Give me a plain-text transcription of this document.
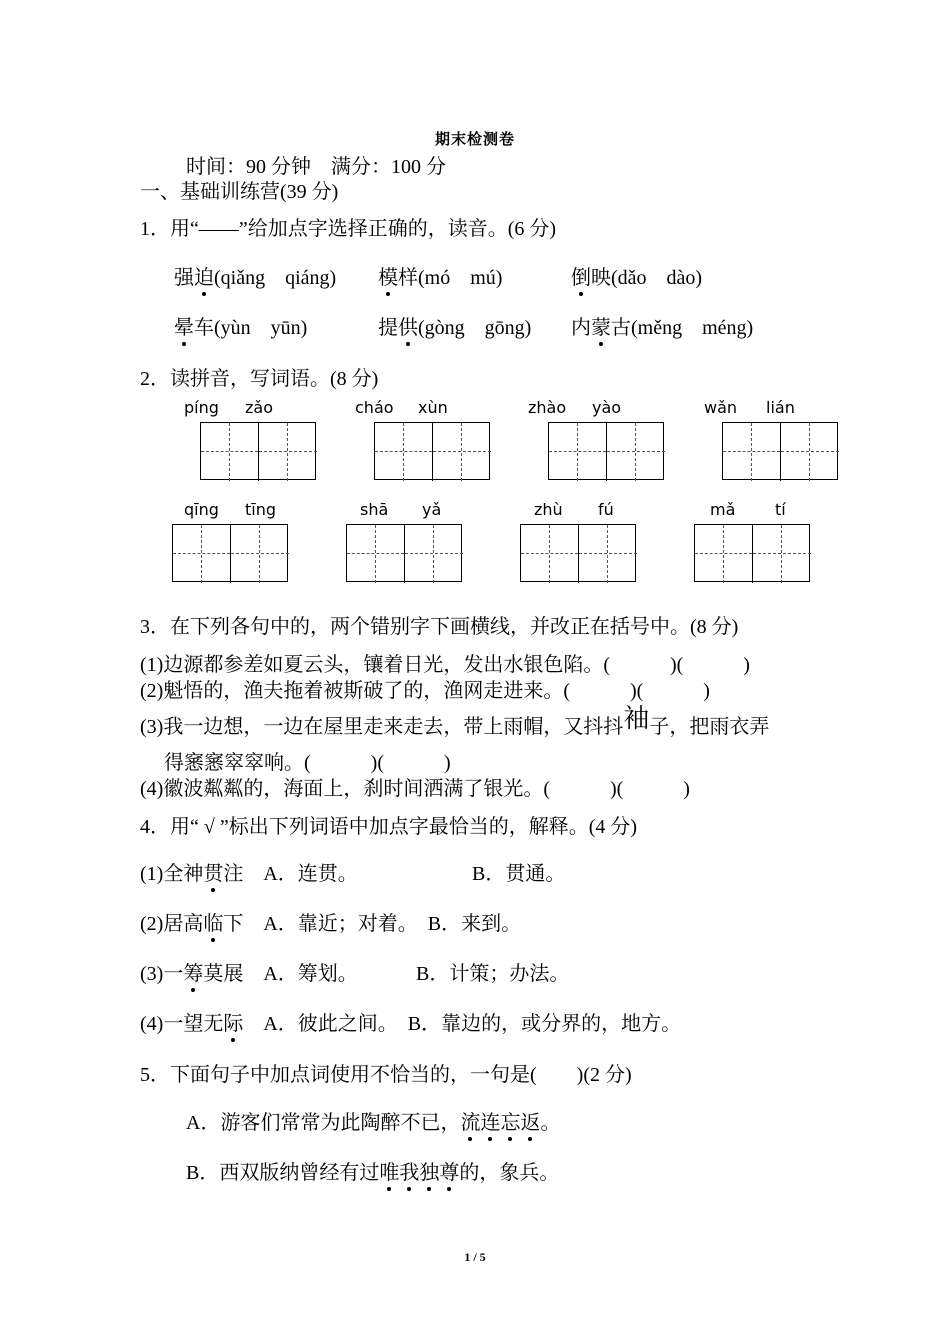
期末检测卷
时间：90 分钟　满分：100 分
一、基础训练营(39 分)
1．用“——”给加点字选择正确的，读音。(6 分)
强迫(qiǎng　qiáng) 模样(mó　mú)	倒映(dǎo　dào)
晕车(yùn　yūn)	提供(gòng　gōng) 内蒙古(měng　méng)
2．读拼音，写词语。(8 分)
píng zǎo	cháo xùn	zhào yào	wǎn lián
qīng tīng	shā yǎ	zhù fú	mǎ tí
3．在下列各句中的，两个错别字下画横线，并改正在括号中。(8 分)
(1)边源都参差如夏云头，镶着日光，发出水银色陷。(　　　)(　　　)
(2)魁悟的，渔夫拖着被斯破了的，渔网走进来。(　　　)(　　　)
(3)我一边想，一边在屋里走来走去，带上雨帽，又抖抖袖子，把雨衣弄
得窸窸窣窣响。(　　　)(　　　)
(4)徽波粼粼的，海面上，刹时间洒满了银光。(　　　)(　　　)
4．用“ √ ”标出下列词语中加点字最恰当的，解释。(4 分)
(1)全神贯注　A．连贯。	B．贯通。
(2)居高临下　A．靠近；对着。　B．来到。
(3)一筹莫展　A．筹划。	B．计策；办法。
(4)一望无际　A．彼此之间。　B．靠边的，或分界的，地方。
5．下面句子中加点词使用不恰当的，一句是(　　)(2 分)
A．游客们常常为此陶醉不已，流连忘返。
B．西双版纳曾经有过唯我独尊的，象兵。
1 / 5
